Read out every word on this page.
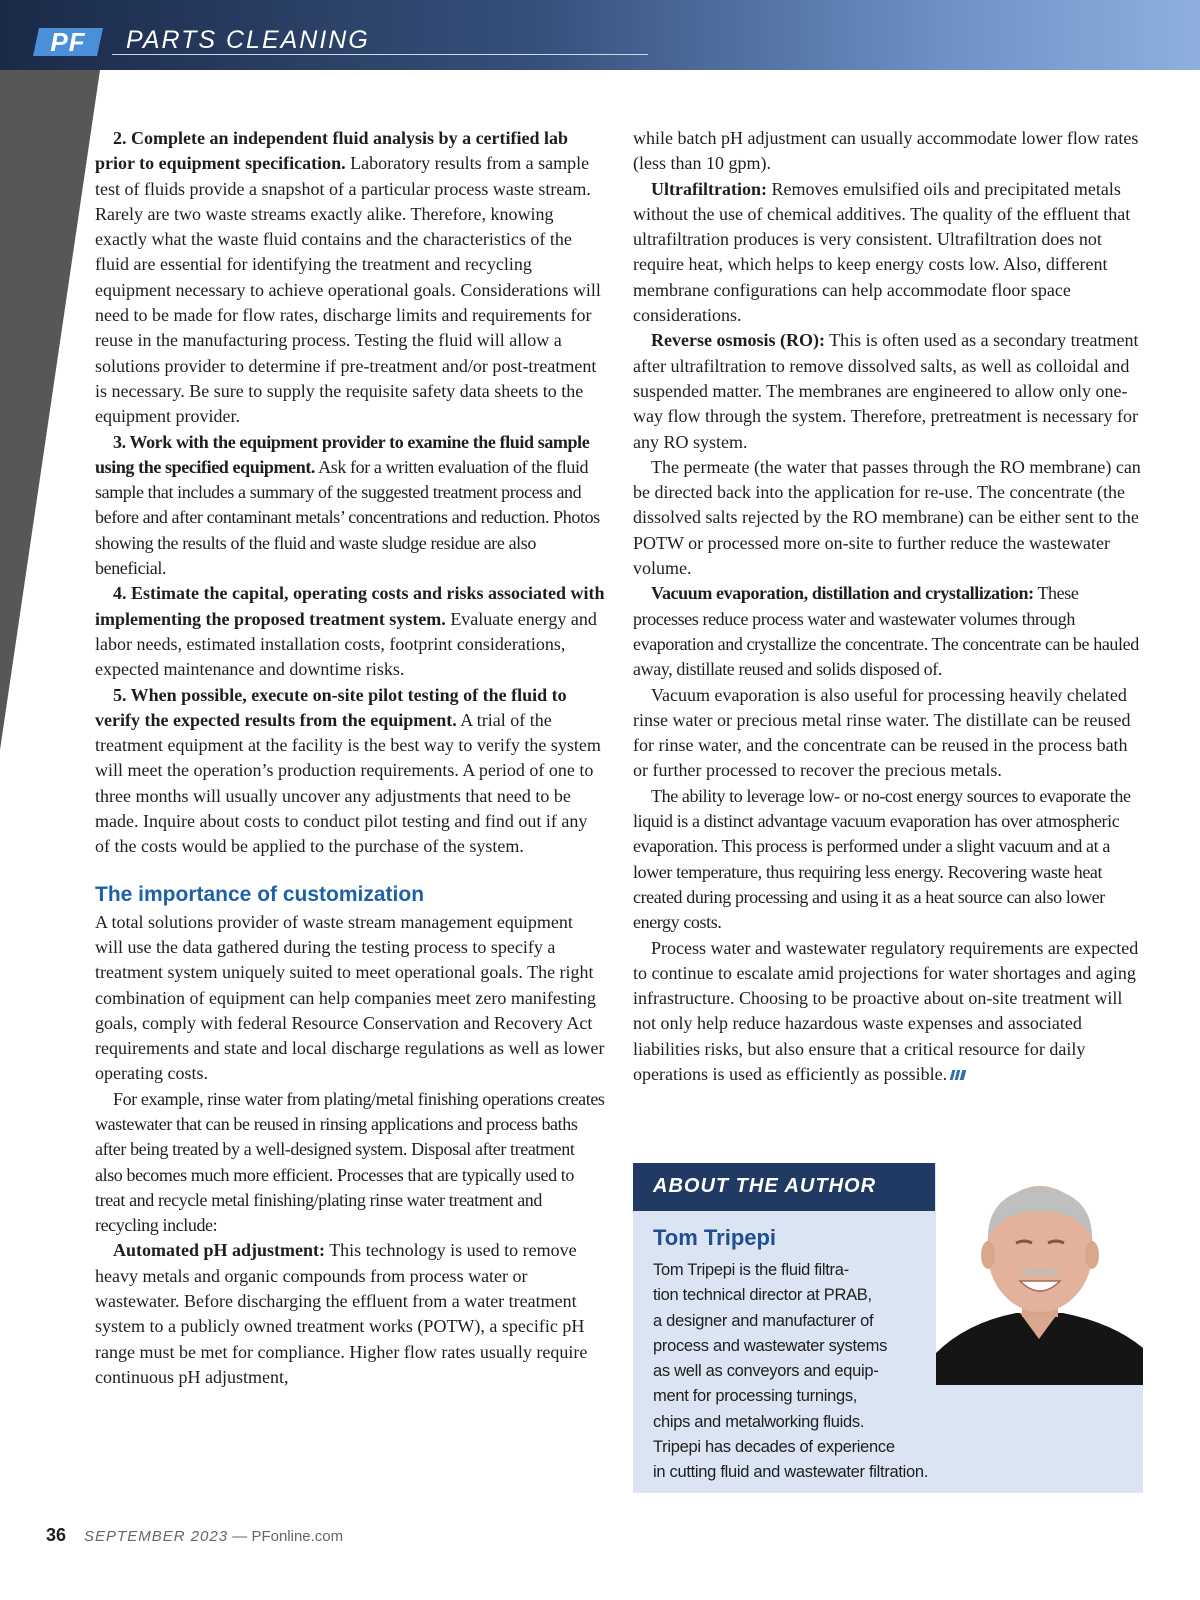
PF	PARTS CLEANING

2. Complete an independent fluid analysis by a certified lab prior to equipment specification. Laboratory results from a sample test of fluids provide a snapshot of a particular process waste stream. Rarely are two waste streams exactly alike. Therefore, knowing exactly what the waste fluid contains and the characteristics of the fluid are essential for identifying the treatment and recycling equipment necessary to achieve operational goals. Considerations will need to be made for flow rates, discharge limits and requirements for reuse in the manufacturing process. Testing the fluid will allow a solutions provider to determine if pre-treatment and/or post-treatment is necessary. Be sure to supply the requisite safety data sheets to the equipment provider.

3. Work with the equipment provider to examine the fluid sample using the specified equipment. Ask for a written evaluation of the fluid sample that includes a summary of the suggested treatment process and before and after contaminant metals’ concentrations and reduction. Photos showing the results of the fluid and waste sludge residue are also beneficial.

4. Estimate the capital, operating costs and risks associated with implementing the proposed treatment system. Evaluate energy and labor needs, estimated installation costs, footprint considerations, expected maintenance and downtime risks.

5. When possible, execute on-site pilot testing of the fluid to verify the expected results from the equipment. A trial of the treatment equipment at the facility is the best way to verify the system will meet the operation’s production requirements. A period of one to three months will usually uncover any adjustments that need to be made. Inquire about costs to conduct pilot testing and find out if any of the costs would be applied to the purchase of the system.

The importance of customization

A total solutions provider of waste stream management equipment will use the data gathered during the testing process to specify a treatment system uniquely suited to meet operational goals. The right combination of equipment can help companies meet zero manifesting goals, comply with federal Resource Conservation and Recovery Act requirements and state and local discharge regulations as well as lower operating costs.

For example, rinse water from plating/metal finishing operations creates wastewater that can be reused in rinsing applications and process baths after being treated by a well-designed system. Disposal after treatment also becomes much more efficient. Processes that are typically used to treat and recycle metal finishing/plating rinse water treatment and recycling include:

Automated pH adjustment: This technology is used to remove heavy metals and organic compounds from process water or wastewater. Before discharging the effluent from a water treatment system to a publicly owned treatment works (POTW), a specific pH range must be met for compliance. Higher flow rates usually require continuous pH adjustment,

while batch pH adjustment can usually accommodate lower flow rates (less than 10 gpm).

Ultrafiltration: Removes emulsified oils and precipitated metals without the use of chemical additives. The quality of the effluent that ultrafiltration produces is very consistent. Ultrafiltration does not require heat, which helps to keep energy costs low. Also, different membrane configurations can help accommodate floor space considerations.

Reverse osmosis (RO): This is often used as a secondary treatment after ultrafiltration to remove dissolved salts, as well as colloidal and suspended matter. The membranes are engineered to allow only one-way flow through the system. Therefore, pretreatment is necessary for any RO system.

The permeate (the water that passes through the RO membrane) can be directed back into the application for re-use. The concentrate (the dissolved salts rejected by the RO membrane) can be either sent to the POTW or processed more on-site to further reduce the wastewater volume.

Vacuum evaporation, distillation and crystallization: These processes reduce process water and wastewater volumes through evaporation and crystallize the concentrate. The concentrate can be hauled away, distillate reused and solids disposed of.

Vacuum evaporation is also useful for processing heavily chelated rinse water or precious metal rinse water. The distillate can be reused for rinse water, and the concentrate can be reused in the process bath or further processed to recover the precious metals.

The ability to leverage low- or no-cost energy sources to evaporate the liquid is a distinct advantage vacuum evaporation has over atmospheric evaporation. This process is performed under a slight vacuum and at a lower temperature, thus requiring less energy. Recovering waste heat created during processing and using it as a heat source can also lower energy costs.

Process water and wastewater regulatory requirements are expected to continue to escalate amid projections for water shortages and aging infrastructure. Choosing to be proactive about on-site treatment will not only help reduce hazardous waste expenses and associated liabilities risks, but also ensure that a critical resource for daily operations is used as efficiently as possible.

ABOUT THE AUTHOR
Tom Tripepi
Tom Tripepi is the fluid filtra-
tion technical director at PRAB,
a designer and manufacturer of
process and wastewater systems
as well as conveyors and equip-
ment for processing turnings,
chips and metalworking fluids.
Tripepi has decades of experience
in cutting fluid and wastewater filtration.
36 SEPTEMBER 2023 — PFonline.com
